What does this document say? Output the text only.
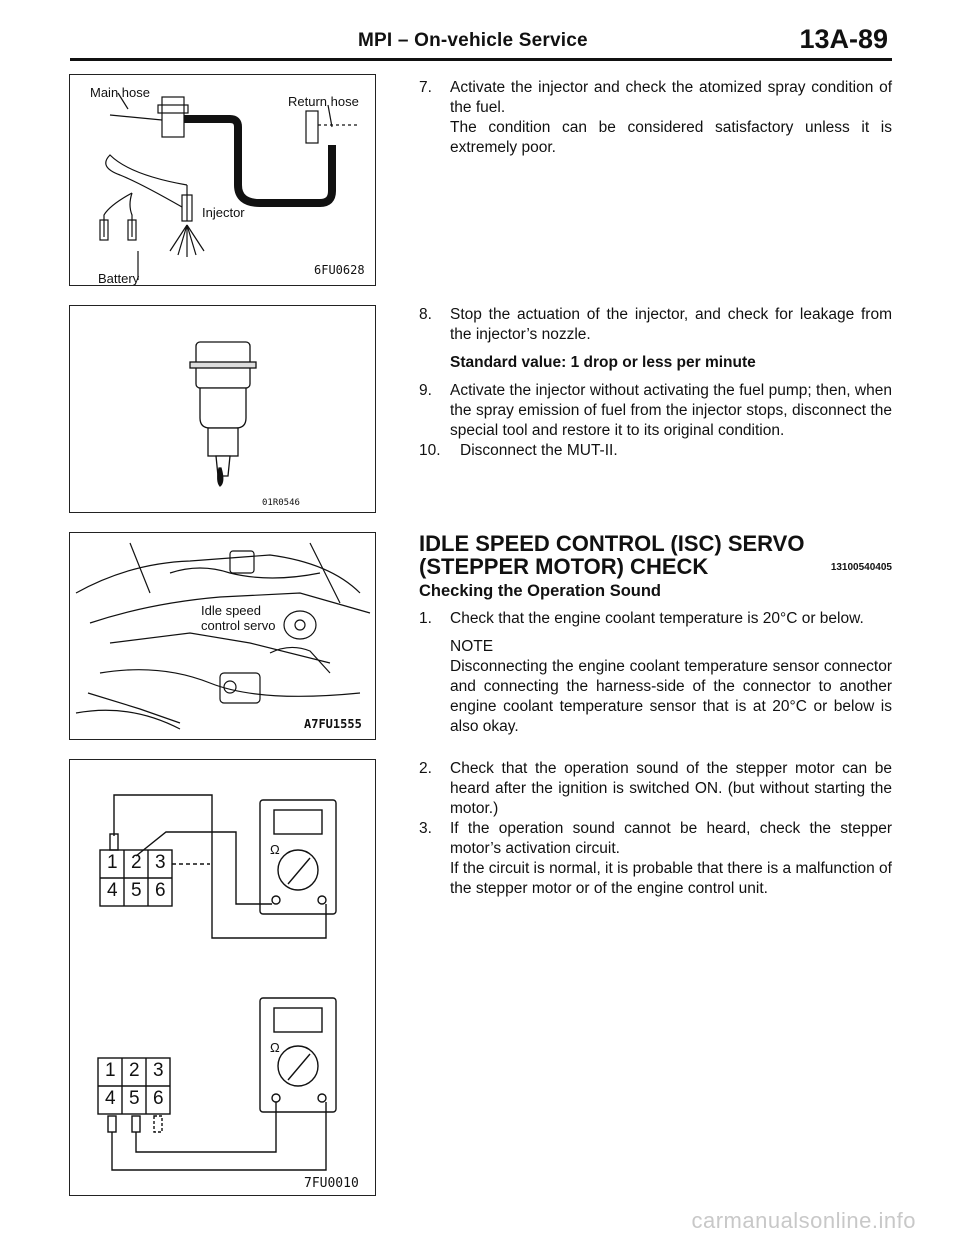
MPI – On-vehicle Service	13A-89
Main hose
Return hose
Injector
Battery
6FU0628
01R0546
Idle speed
control servo
A7FU1555
1 2 3
4 5 6
Ω
1 2 3
4 5 6
Ω
7FU0010
7.	Activate the injector and check the atomized spray condition of the fuel.
The condition can be considered satisfactory unless it is extremely poor.
8.	Stop the actuation of the injector, and check for leakage from the injector’s nozzle.
Standard value: 1 drop or less per minute
9.	Activate the injector without activating the fuel pump; then, when the spray emission of fuel from the injector stops, disconnect the special tool and restore it to its original condition.
10.	Disconnect the MUT-II.
IDLE SPEED CONTROL (ISC) SERVO
(STEPPER MOTOR) CHECK	13100540405
Checking the Operation Sound
1.	Check that the engine coolant temperature is 20°C or below.
NOTE
Disconnecting the engine coolant temperature sensor connector and connecting the harness-side of the connector to another engine coolant temperature sensor that is at 20°C or below is also okay.
2.	Check that the operation sound of the stepper motor can be heard after the ignition is switched ON. (but without starting the motor.)
3.	If the operation sound cannot be heard, check the stepper motor’s activation circuit.
If the circuit is normal, it is probable that there is a malfunction of the stepper motor or of the engine control unit.
carmanualsonline.info
